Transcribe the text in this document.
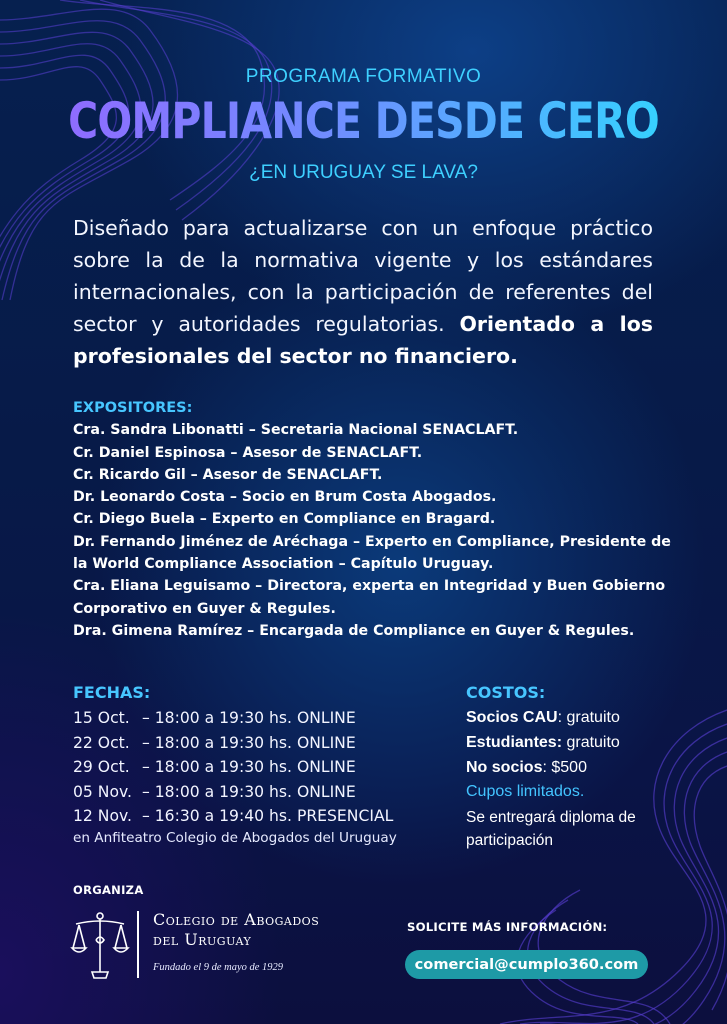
PROGRAMA FORMATIVO
COMPLIANCE DESDE CERO
¿EN URUGUAY SE LAVA?
Diseñado para actualizarse con un enfoque práctico sobre la de la normativa vigente y los estándares internacionales, con la participación de referentes del sector y autoridades regulatorias. Orientado a los profesionales del sector no financiero.
EXPOSITORES:
Cra. Sandra Libonatti – Secretaria Nacional SENACLAFT.
Cr. Daniel Espinosa – Asesor de SENACLAFT.
Cr. Ricardo Gil – Asesor de SENACLAFT.
Dr. Leonardo Costa – Socio en Brum Costa Abogados.
Cr. Diego Buela – Experto en Compliance en Bragard.
Dr. Fernando Jiménez de Aréchaga – Experto en Compliance, Presidente de la World Compliance Association – Capítulo Uruguay.
Cra. Eliana Leguisamo – Directora, experta en Integridad y Buen Gobierno Corporativo en Guyer & Regules.
Dra. Gimena Ramírez – Encargada de Compliance en Guyer & Regules.
FECHAS:
15 Oct. – 18:00 a 19:30 hs. ONLINE
22 Oct. – 18:00 a 19:30 hs. ONLINE
29 Oct. – 18:00 a 19:30 hs. ONLINE
05 Nov. – 18:00 a 19:30 hs. ONLINE
12 Nov. – 16:30 a 19:40 hs. PRESENCIAL
en Anfiteatro Colegio de Abogados del Uruguay
COSTOS:
Socios CAU: gratuito
Estudiantes: gratuito
No socios: $500
Cupos limitados.
Se entregará diploma de participación
ORGANIZA
Colegio de Abogados
del Uruguay
Fundado el 9 de mayo de 1929
SOLICITE MÁS INFORMACIÓN:
comercial@cumplo360.com
